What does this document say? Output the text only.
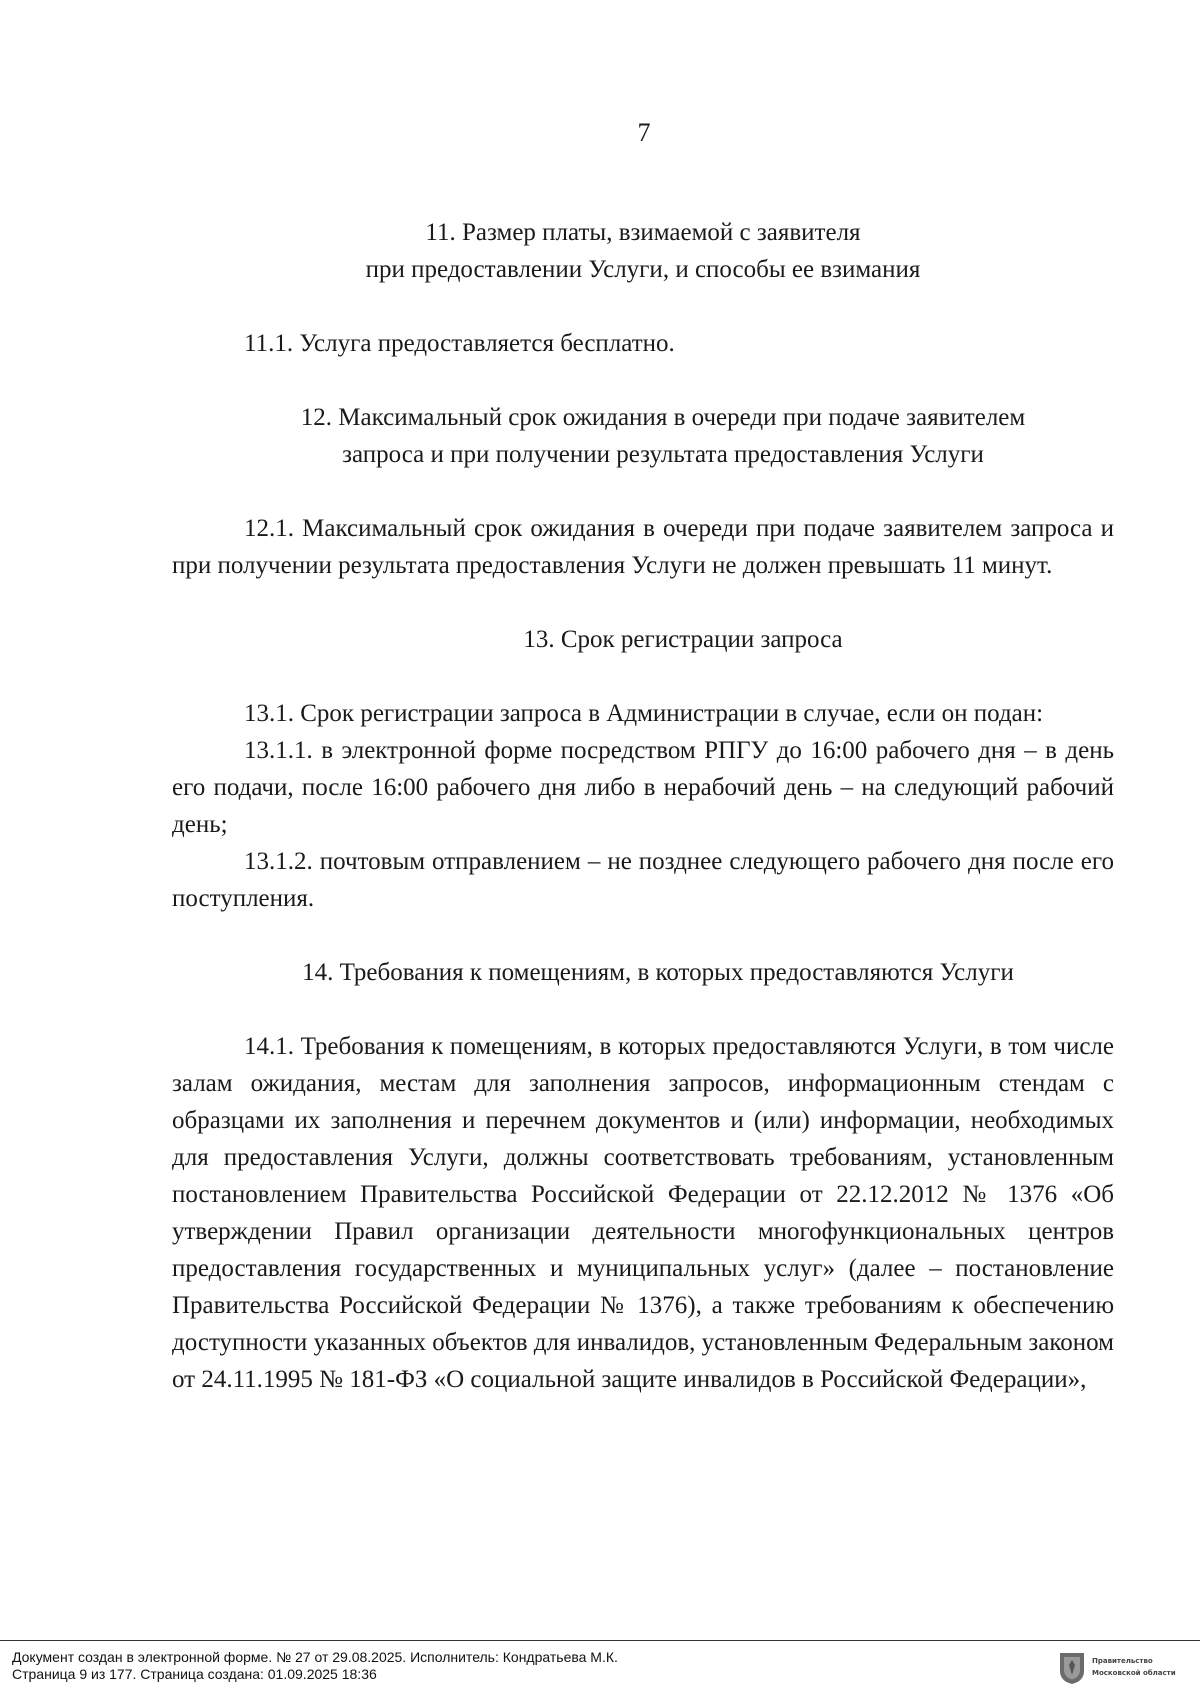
7

11. Размер платы, взимаемой с заявителя
при предоставлении Услуги, и способы ее взимания

11.1. Услуга предоставляется бесплатно.

12. Максимальный срок ожидания в очереди при подаче заявителем
запроса и при получении результата предоставления Услуги

12.1. Максимальный срок ожидания в очереди при подаче заявителем запроса и при получении результата предоставления Услуги не должен превышать 11 минут.

13. Срок регистрации запроса

13.1. Срок регистрации запроса в Администрации в случае, если он подан:

13.1.1. в электронной форме посредством РПГУ до 16:00 рабочего дня – в день его подачи, после 16:00 рабочего дня либо в нерабочий день – на следующий рабочий день;

13.1.2. почтовым отправлением – не позднее следующего рабочего дня после его поступления.

14. Требования к помещениям, в которых предоставляются Услуги

14.1. Требования к помещениям, в которых предоставляются Услуги, в том числе залам ожидания, местам для заполнения запросов, информационным стендам с образцами их заполнения и перечнем документов и (или) информации, необходимых для предоставления Услуги, должны соответствовать требованиям, установленным постановлением Правительства Российской Федерации от 22.12.2012 № 1376 «Об утверждении Правил организации деятельности многофункциональных центров предоставления государственных и муниципальных услуг» (далее – постановление Правительства Российской Федерации № 1376), а также требованиям к обеспечению доступности указанных объектов для инвалидов, установленным Федеральным законом от 24.11.1995 № 181-ФЗ «О социальной защите инвалидов в Российской Федерации»,

Документ создан в электронной форме. № 27 от 29.08.2025. Исполнитель: Кондратьева М.К.
Страница 9 из 177. Страница создана: 01.09.2025 18:36
Правительство
Московской области
